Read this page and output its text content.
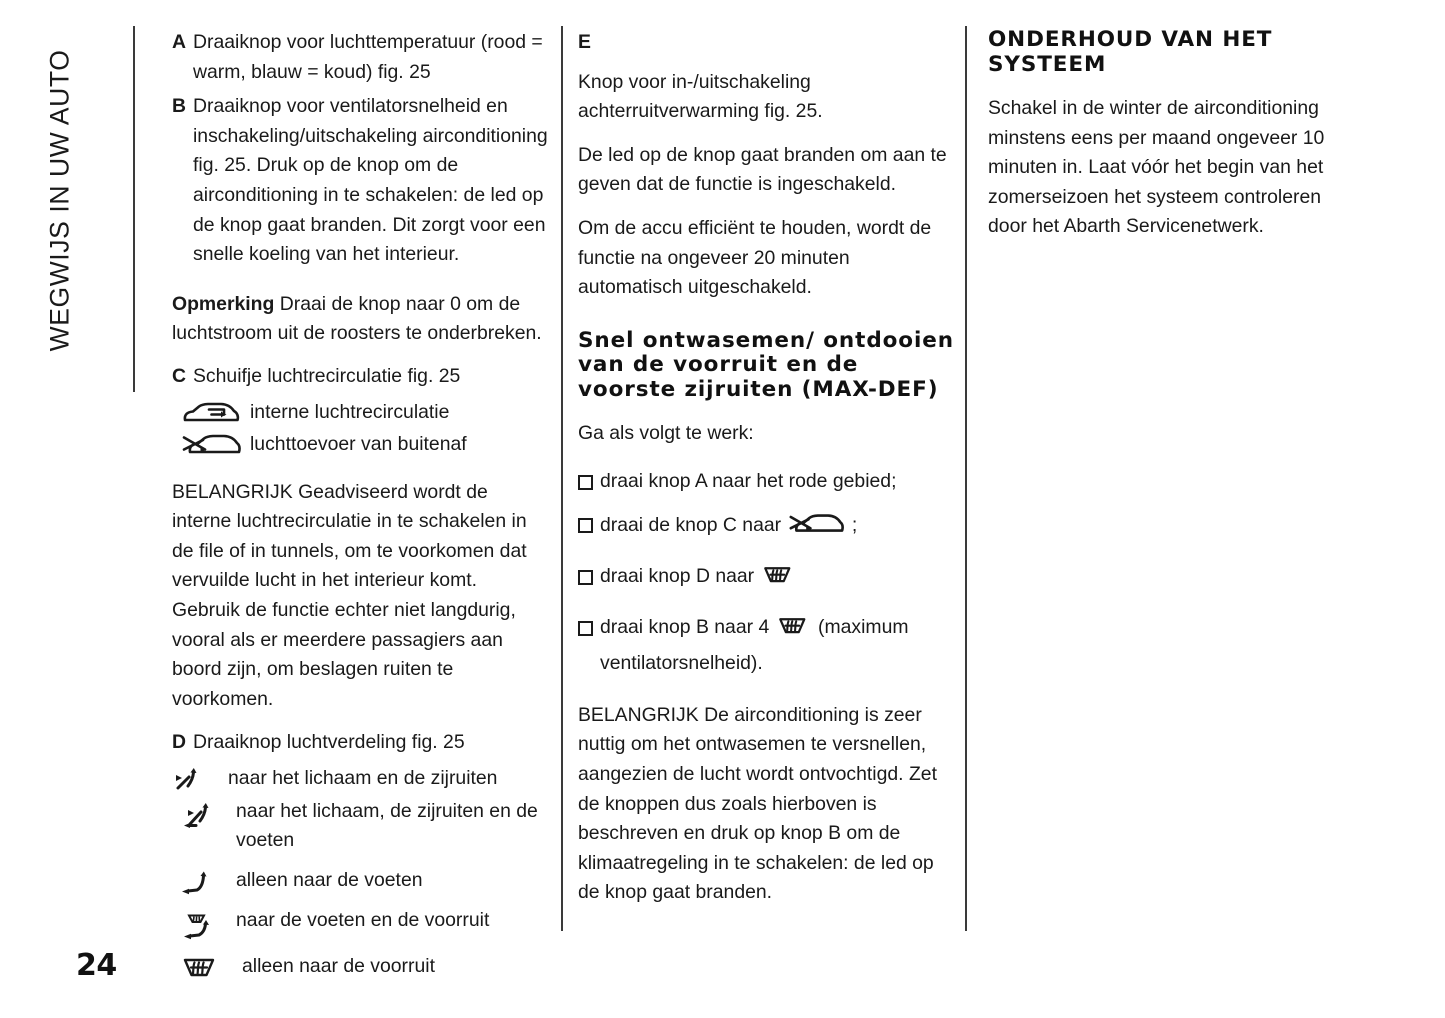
WEGWIJS IN UW AUTO
A Draaiknop voor luchttemperatuur (rood = warm, blauw = koud) fig. 25
B Draaiknop voor ventilatorsnelheid en inschakeling/uitschakeling airconditioning fig. 25. Druk op de knop om de airconditioning in te schakelen: de led op de knop gaat branden. Dit zorgt voor een snelle koeling van het interieur.

Opmerking Draai de knop naar 0 om de luchtstroom uit de roosters te onderbreken.

C Schuifje luchtrecirculatie fig. 25
interne luchtrecirculatie
luchttoevoer van buitenaf

BELANGRIJK Geadviseerd wordt de interne luchtrecirculatie in te schakelen in de file of in tunnels, om te voorkomen dat vervuilde lucht in het interieur komt. Gebruik de functie echter niet langdurig, vooral als er meerdere passagiers aan boord zijn, om beslagen ruiten te voorkomen.

D Draaiknop luchtverdeling fig. 25
naar het lichaam en de zijruiten
naar het lichaam, de zijruiten en de voeten
alleen naar de voeten
naar de voeten en de voorruit
alleen naar de voorruit

E

Knop voor in-/uitschakeling achterruitverwarming fig. 25.

De led op de knop gaat branden om aan te geven dat de functie is ingeschakeld.

Om de accu efficiënt te houden, wordt de functie na ongeveer 20 minuten automatisch uitgeschakeld.

Snel ontwasemen/ ontdooien van de voorruit en de voorste zijruiten (MAX-DEF)

Ga als volgt te werk:

draai knop A naar het rode gebied;
draai de knop C naar	;
draai knop D naar
draai knop B naar 4  (maximum ventilatorsnelheid).

BELANGRIJK De airconditioning is zeer nuttig om het ontwasemen te versnellen, aangezien de lucht wordt ontvochtigd. Zet de knoppen dus zoals hierboven is beschreven en druk op knop B om de klimaatregeling in te schakelen: de led op de knop gaat branden.

ONDERHOUD VAN HET SYSTEEM

Schakel in de winter de airconditioning minstens eens per maand ongeveer 10 minuten in. Laat vóór het begin van het zomerseizoen het systeem controleren door het Abarth Servicenetwerk.

24
